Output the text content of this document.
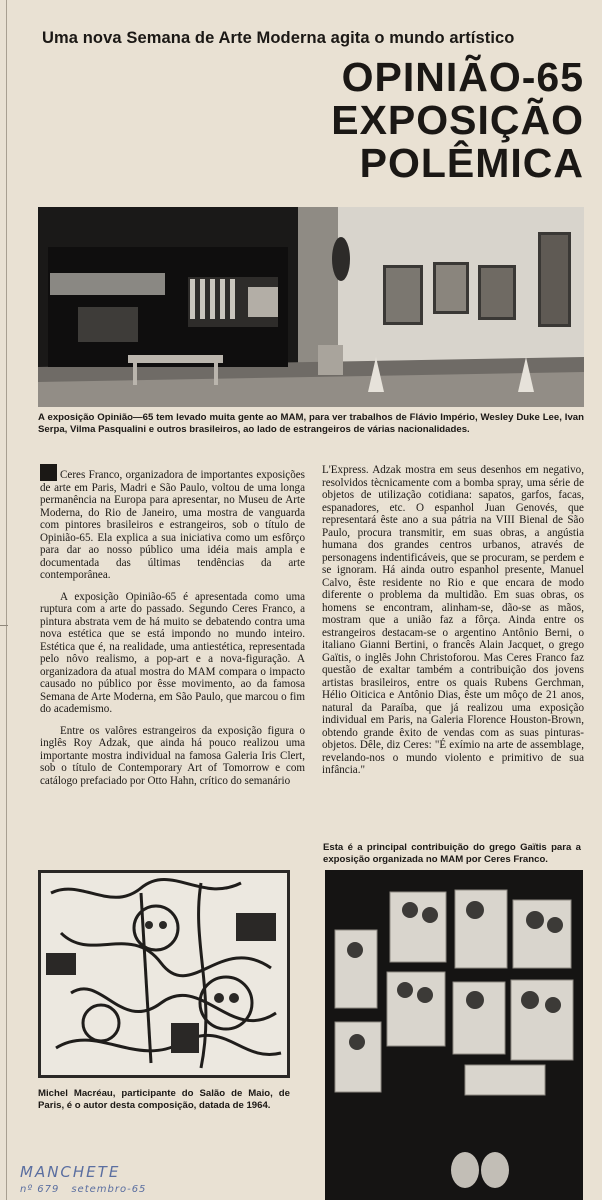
Uma nova Semana de Arte Moderna agita o mundo artístico
OPINIÃO-65
EXPOSIÇÃO
POLÊMICA
A exposição Opinião—65 tem levado muita gente ao MAM, para ver trabalhos de Flávio Império, Wesley Duke Lee, Ivan Serpa, Vilma Pasqualini e outros brasileiros, ao lado de estrangeiros de várias nacionalidades.

Ceres Franco, organizadora de importantes exposições de arte em Paris, Madri e São Paulo, voltou de uma longa permanência na Europa para apresentar, no Museu de Arte Moderna, do Rio de Janeiro, uma mostra de vanguarda com pintores brasileiros e estrangeiros, sob o título de Opinião-65. Ela explica a sua iniciativa como um esfôrço para dar ao nosso público uma idéia mais ampla e documentada das últimas tendências da arte contemporânea.

A exposição Opinião-65 é apresentada como uma ruptura com a arte do passado. Segundo Ceres Franco, a pintura abstrata vem de há muito se debatendo contra uma nova estética que se está impondo no mundo inteiro. Estética que é, na realidade, uma antiestética, representada pelo nôvo realismo, a pop-art e a nova-figuração. A organizadora da atual mostra do MAM compara o impacto causado no público por êsse movimento, ao da famosa Semana de Arte Moderna, em São Paulo, que marcou o fim do academismo.

Entre os valôres estrangeiros da exposição figura o inglês Roy Adzak, que ainda há pouco realizou uma importante mostra individual na famosa Galeria Iris Clert, sob o título de Contemporary Art of Tomorrow e com catálogo prefaciado por Otto Hahn, crítico do semanário

L'Express. Adzak mostra em seus desenhos em negativo, resolvidos tècnicamente com a bomba spray, uma série de objetos de utilização cotidiana: sapatos, garfos, facas, espanadores, etc. O espanhol Juan Genovés, que representará êste ano a sua pátria na VIII Bienal de São Paulo, procura transmitir, em suas obras, a angústia humana dos grandes centros urbanos, através de personagens indentificáveis, que se procuram, se perdem e se ignoram. Há ainda outro espanhol presente, Manuel Calvo, êste residente no Rio e que encara de modo diferente o problema da multidão. Em suas obras, os homens se encontram, alinham-se, dão-se as mãos, mostram que a união faz a fôrça. Ainda entre os estrangeiros destacam-se o argentino Antônio Berni, o italiano Gianni Bertini, o francês Alain Jacquet, o grego Gaïtis, o inglês John Christoforou. Mas Ceres Franco faz questão de exaltar também a contribuição dos jovens artistas brasileiros, entre os quais Rubens Gerchman, Hélio Oiticica e Antônio Dias, êste um môço de 21 anos, natural da Paraíba, que já realizou uma exposição individual em Paris, na Galeria Florence Houston-Brown, obtendo grande êxito de vendas com as suas pinturas-objetos. Dêle, diz Ceres: "É exímio na arte de assemblage, revelando-nos o mundo violento e primitivo de sua infância."

Esta é a principal contribuição do grego Gaïtis para a exposição organizada no MAM por Ceres Franco.
Michel Macréau, participante do Salão de Maio, de Paris, é o autor desta composição, datada de 1964.
MANCHETE
nº 679 setembro-65
